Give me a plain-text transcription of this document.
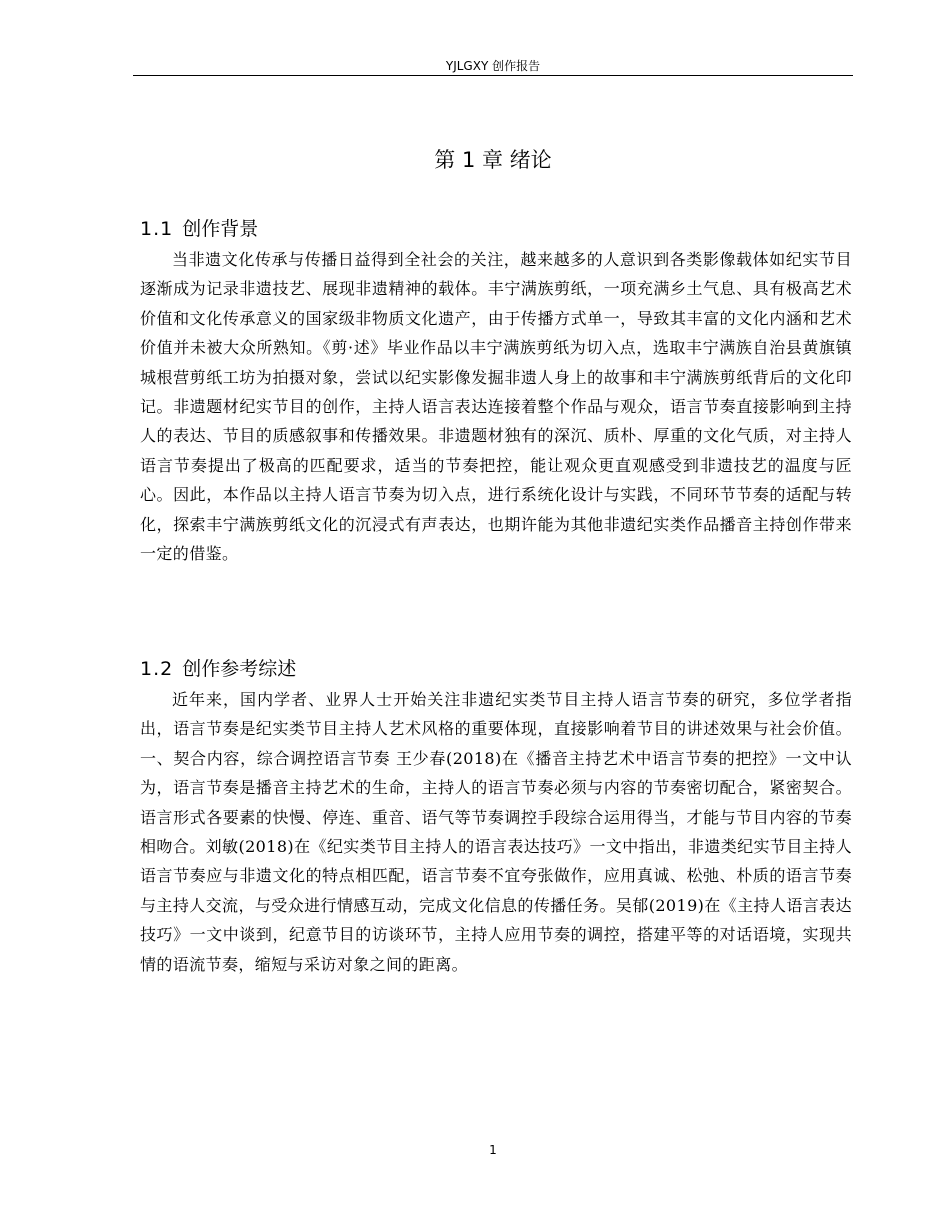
YJLGXY 创作报告
第 1 章 绪论
1.1 创作背景

当非遗文化传承与传播日益得到全社会的关注，越来越多的人意识到各类影像载体如纪实节目逐渐成为记录非遗技艺、展现非遗精神的载体。丰宁满族剪纸，一项充满乡土气息、具有极高艺术价值和文化传承意义的国家级非物质文化遗产，由于传播方式单一，导致其丰富的文化内涵和艺术价值并未被大众所熟知。《剪·述》毕业作品以丰宁满族剪纸为切入点，选取丰宁满族自治县黄旗镇城根营剪纸工坊为拍摄对象，尝试以纪实影像发掘非遗人身上的故事和丰宁满族剪纸背后的文化印记。非遗题材纪实节目的创作，主持人语言表达连接着整个作品与观众，语言节奏直接影响到主持人的表达、节目的质感叙事和传播效果。非遗题材独有的深沉、质朴、厚重的文化气质，对主持人语言节奏提出了极高的匹配要求，适当的节奏把控，能让观众更直观感受到非遗技艺的温度与匠心。因此，本作品以主持人语言节奏为切入点，进行系统化设计与实践，不同环节节奏的适配与转化，探索丰宁满族剪纸文化的沉浸式有声表达，也期许能为其他非遗纪实类作品播音主持创作带来一定的借鉴。

1.2 创作参考综述

近年来，国内学者、业界人士开始关注非遗纪实类节目主持人语言节奏的研究，多位学者指出，语言节奏是纪实类节目主持人艺术风格的重要体现，直接影响着节目的讲述效果与社会价值。一、契合内容，综合调控语言节奏 王少春(2018)在《播音主持艺术中语言节奏的把控》一文中认为，语言节奏是播音主持艺术的生命，主持人的语言节奏必须与内容的节奏密切配合，紧密契合。语言形式各要素的快慢、停连、重音、语气等节奏调控手段综合运用得当，才能与节目内容的节奏相吻合。刘敏(2018)在《纪实类节目主持人的语言表达技巧》一文中指出，非遗类纪实节目主持人语言节奏应与非遗文化的特点相匹配，语言节奏不宜夸张做作，应用真诚、松弛、朴质的语言节奏与主持人交流，与受众进行情感互动，完成文化信息的传播任务。吴郁(2019)在《主持人语言表达技巧》一文中谈到，纪意节目的访谈环节，主持人应用节奏的调控，搭建平等的对话语境，实现共情的语流节奏，缩短与采访对象之间的距离。

1
